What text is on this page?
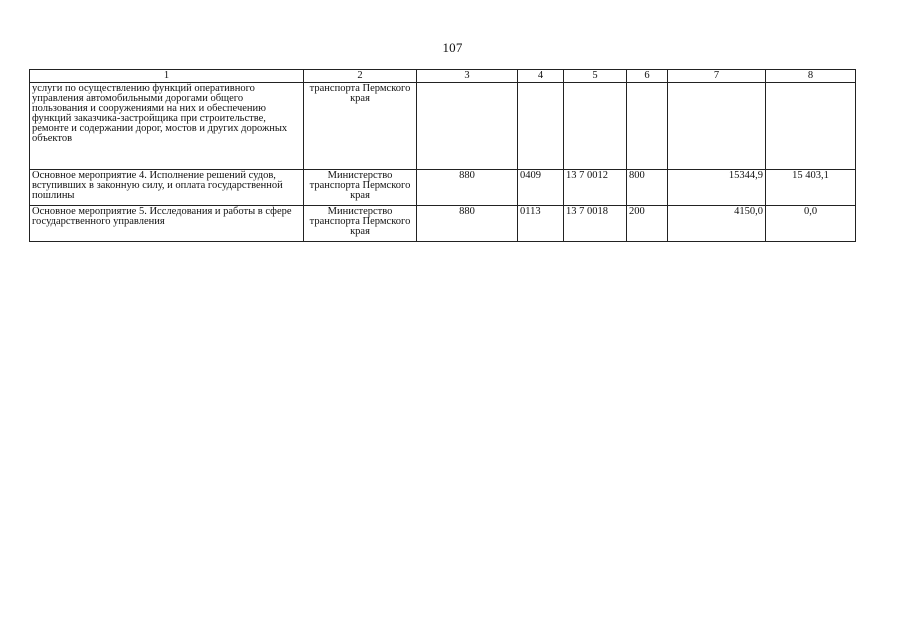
107
1	2	3	4	5	6	7	8
услуги по осуществлению функций оперативного управления автомобильными дорогами общего пользования и сооружениями на них и обеспечению функций заказчика-застройщика при строительстве, ремонте и содержании дорог, мостов и других дорожных объектов	транспорта Пермского края						
Основное мероприятие 4. Исполнение решений судов, вступивших в законную силу, и оплата государственной пошлины	Министерство транспорта Пермского края	880	0409	13 7 0012	800	15344,9	15 403,1
Основное мероприятие 5. Исследования и работы в сфере государственного управления	Министерство транспорта Пермского края	880	0113	13 7 0018	200	4150,0	0,0
